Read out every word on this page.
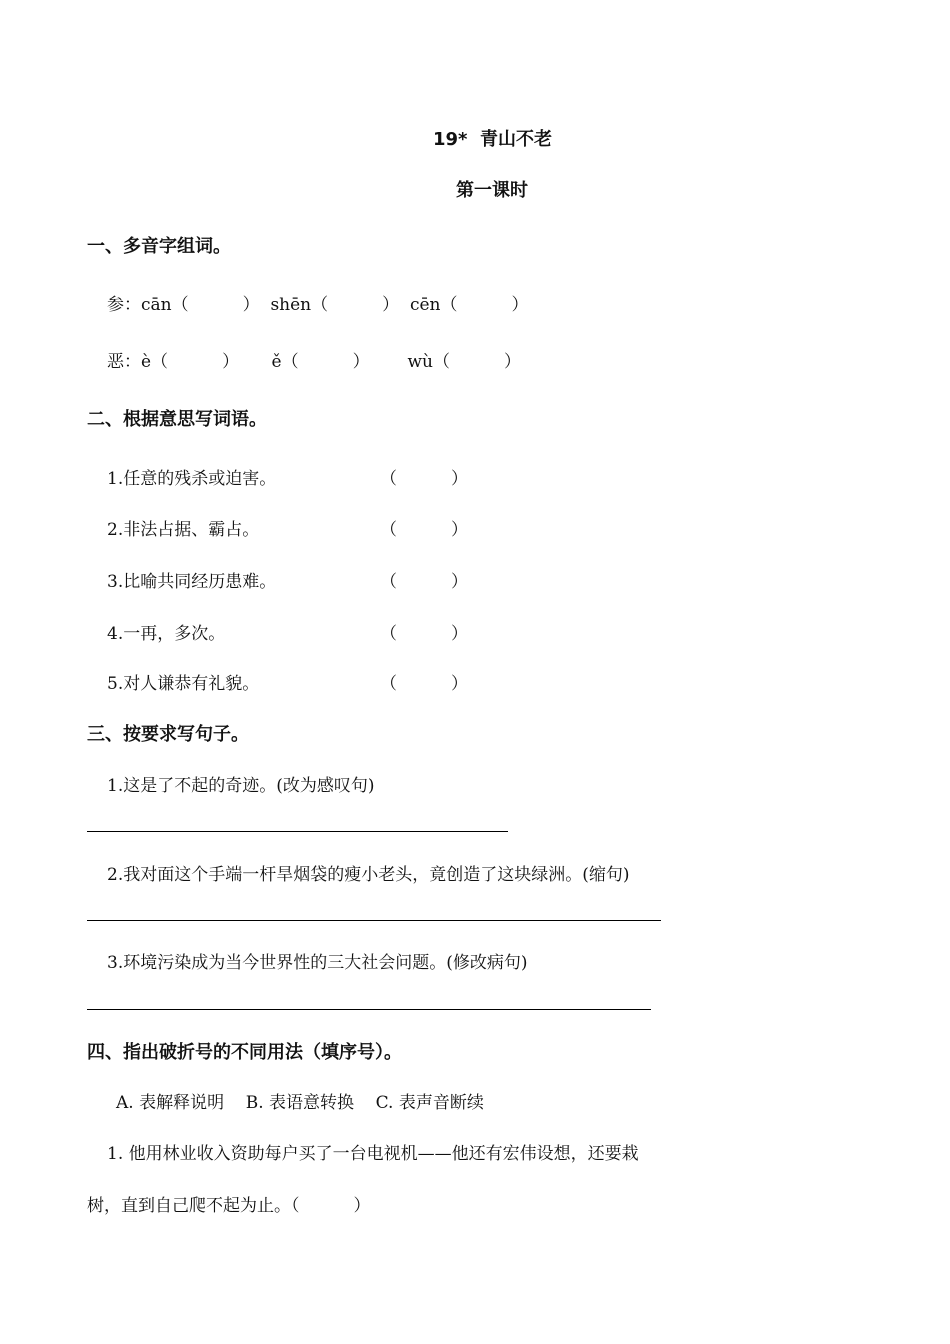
19*  青山不老
第一课时
一、多音字组词。
参：cān（          ）  shēn（          ）  cēn（          ）
恶：è（          ）      ě（          ）       wù（          ）
二、根据意思写词语。
1.任意的残杀或迫害。	（          ）
2.非法占据、霸占。	（          ）
3.比喻共同经历患难。	（          ）
4.一再，多次。	（          ）
5.对人谦恭有礼貌。	（          ）
三、按要求写句子。
1.这是了不起的奇迹。(改为感叹句)
2.我对面这个手端一杆旱烟袋的瘦小老头，竟创造了这块绿洲。(缩句)
3.环境污染成为当今世界性的三大社会问题。(修改病句)
四、指出破折号的不同用法（填序号）。
A. 表解释说明    B. 表语意转换    C. 表声音断续
1. 他用林业收入资助每户买了一台电视机——他还有宏伟设想，还要栽
树，直到自己爬不起为止。（          ）
